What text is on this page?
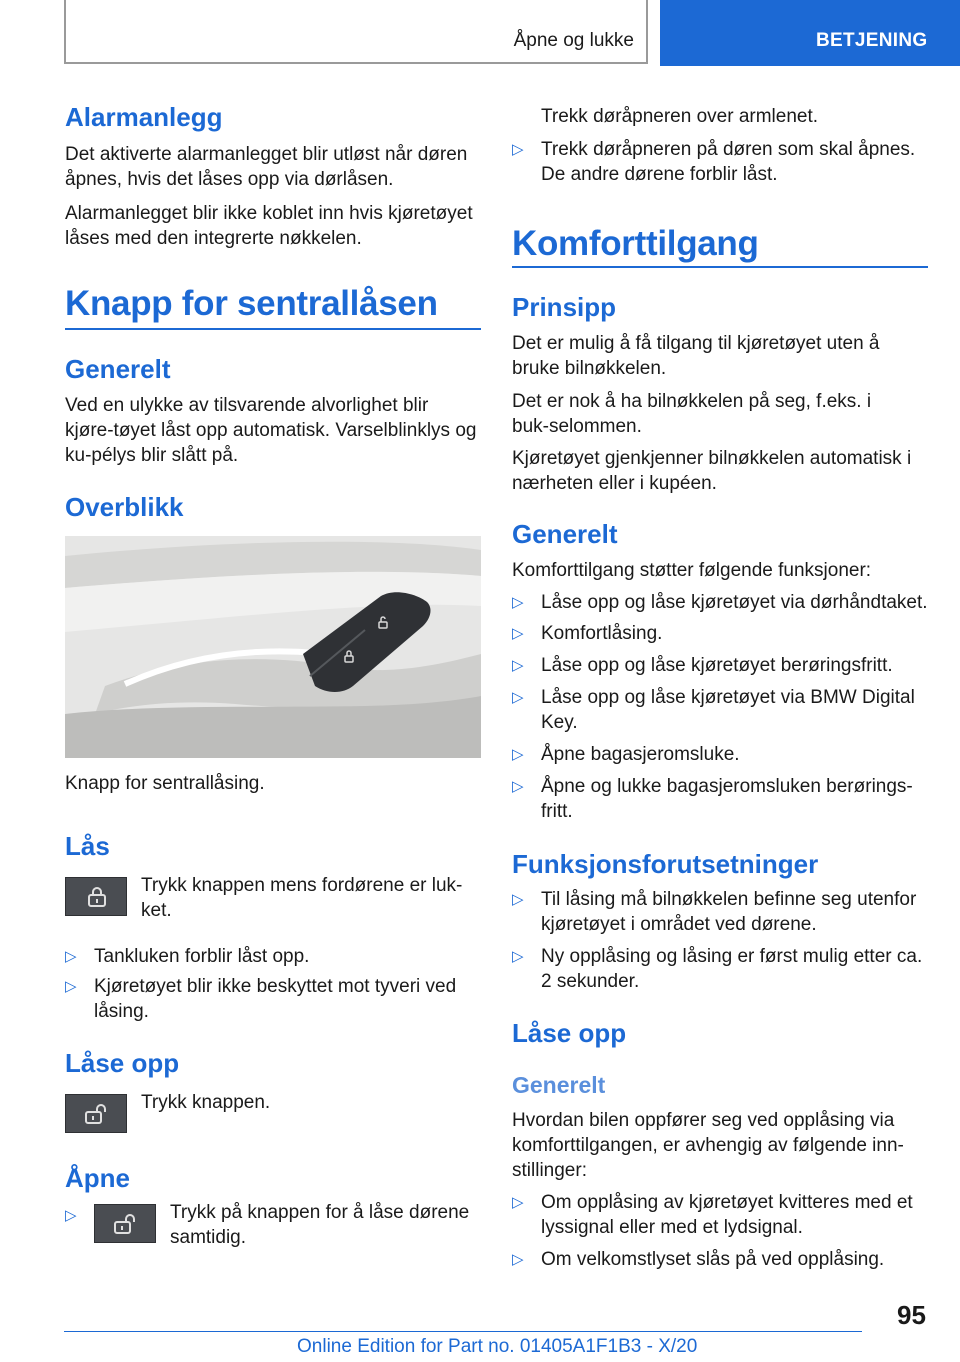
Åpne og lukke	BETJENING
Alarmanlegg

Det aktiverte alarmanlegget blir utløst når døren åpnes, hvis det låses opp via dørlåsen.

Alarmanlegget blir ikke koblet inn hvis kjøretøyet låses med den integrerte nøkkelen.

Knapp for sentrallåsen
Generelt

Ved en ulykke av tilsvarende alvorlighet blir kjøre-tøyet låst opp automatisk. Varselblinklys og ku-pélys blir slått på.

Overblikk

Knapp for sentrallåsing.

Lås

Trykk knappen mens fordørene er luk-ket.

▷ Tankluken forblir låst opp.
▷ Kjøretøyet blir ikke beskyttet mot tyveri ved låsing.
Låse opp

Trykk knappen.

Åpne
▷	Trykk på knappen for å låse dørene samtidig.

Trekk døråpneren over armlenet.

▷ Trekk døråpneren på døren som skal åpnes. De andre dørene forblir låst.
Komforttilgang
Prinsipp

Det er mulig å få tilgang til kjøretøyet uten å bruke bilnøkkelen.

Det er nok å ha bilnøkkelen på seg, f.eks. i buk-selommen.

Kjøretøyet gjenkjenner bilnøkkelen automatisk i nærheten eller i kupéen.

Generelt

Komforttilgang støtter følgende funksjoner:

▷ Låse opp og låse kjøretøyet via dørhåndtaket.
▷ Komfortlåsing.
▷ Låse opp og låse kjøretøyet berøringsfritt.
▷ Låse opp og låse kjøretøyet via BMW Digital Key.
▷ Åpne bagasjeromsluke.
▷ Åpne og lukke bagasjeromsluken berørings-fritt.
Funksjonsforutsetninger
▷ Til låsing må bilnøkkelen befinne seg utenfor kjøretøyet i området ved dørene.
▷ Ny opplåsing og låsing er først mulig etter ca. 2 sekunder.
Låse opp
Generelt

Hvordan bilen oppfører seg ved opplåsing via komforttilgangen, er avhengig av følgende inn-stillinger:

▷ Om opplåsing av kjøretøyet kvitteres med et lyssignal eller med et lydsignal.
▷ Om velkomstlyset slås på ved opplåsing.
95
Online Edition for Part no. 01405A1F1B3 - X/20
